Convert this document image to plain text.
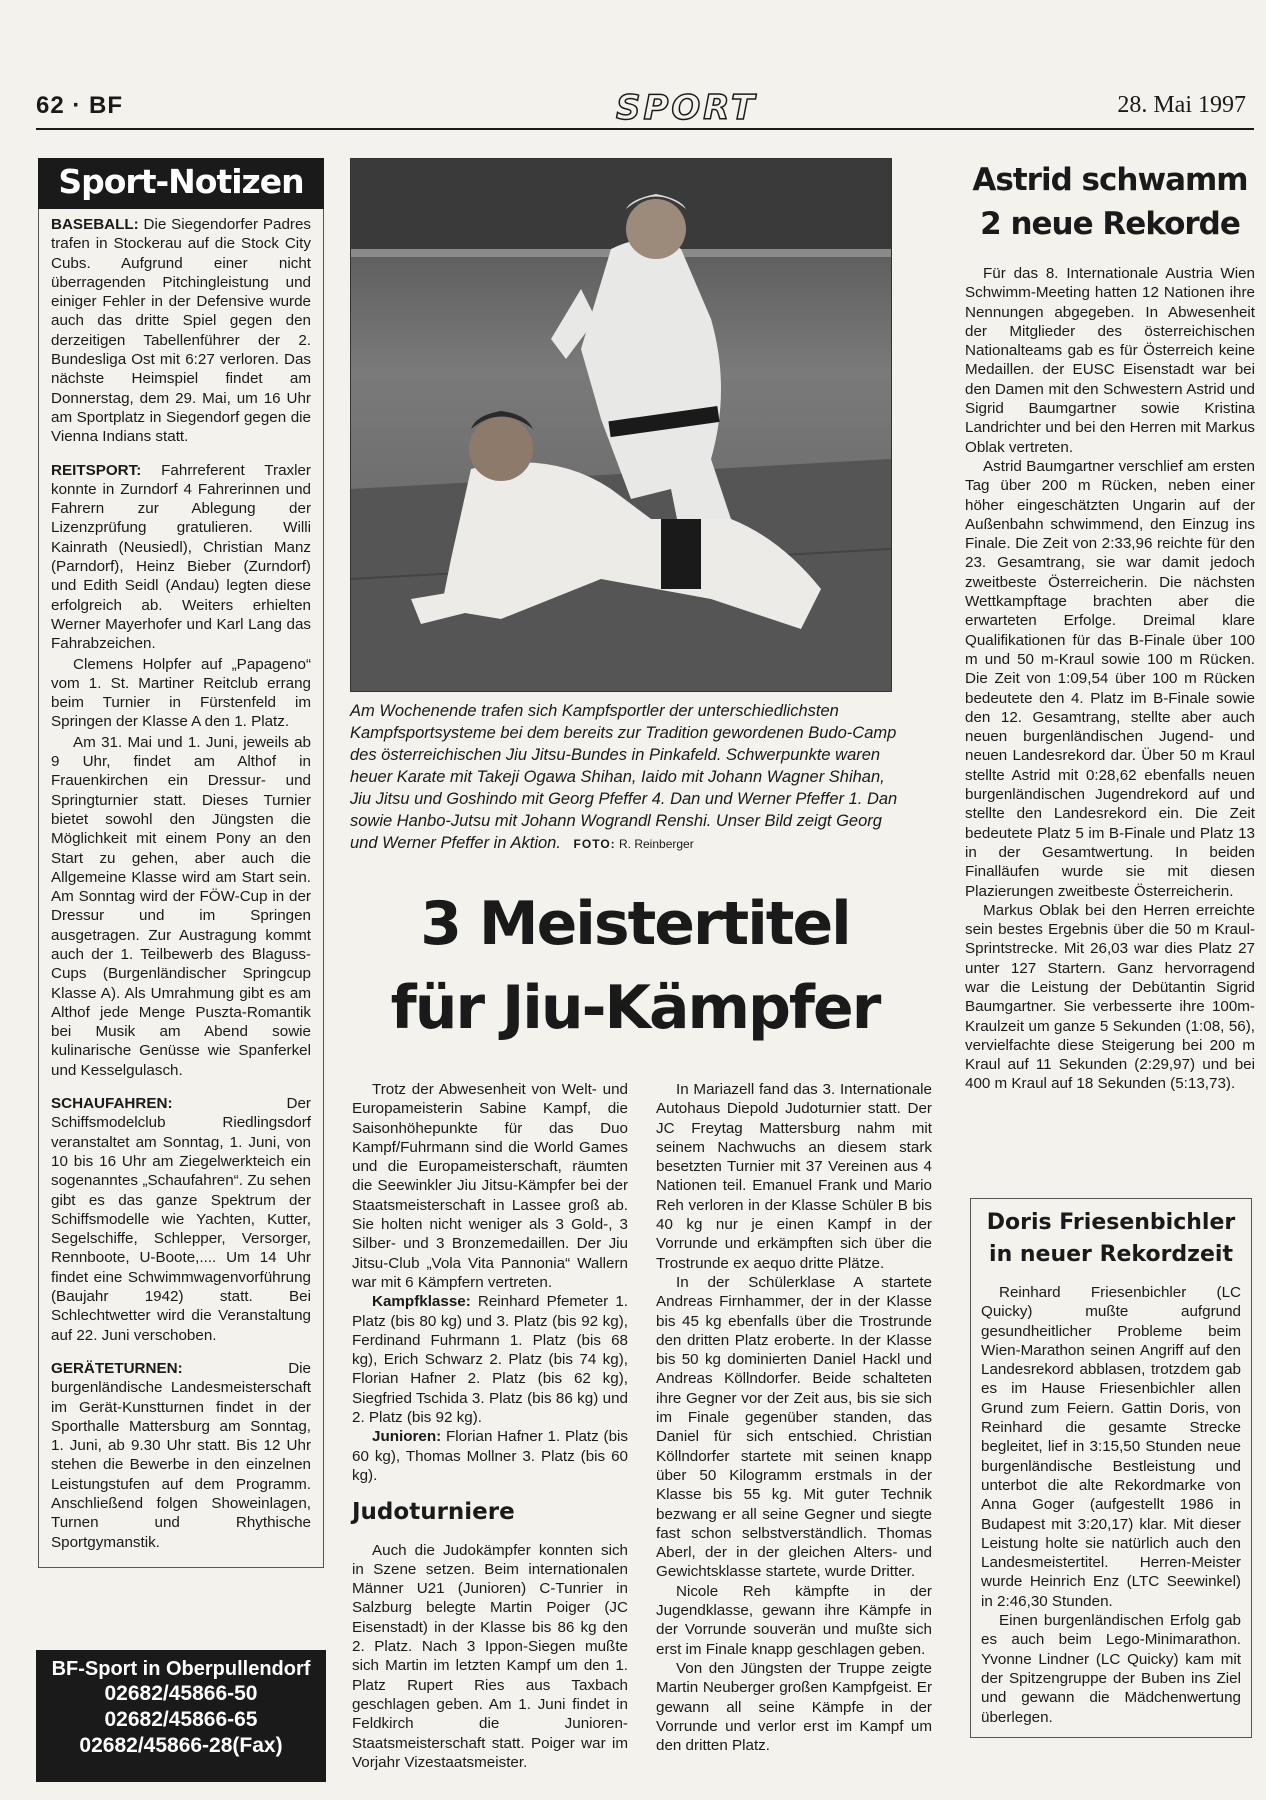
62 · BF	SPORT	28. Mai 1997
Sport-Notizen

BASEBALL: Die Siegendorfer Padres trafen in Stockerau auf die Stock City Cubs. Aufgrund einer nicht überragenden Pitchingleistung und einiger Fehler in der Defensive wurde auch das dritte Spiel gegen den derzeitigen Tabellenführer der 2. Bundesliga Ost mit 6:27 verloren. Das nächste Heimspiel findet am Donnerstag, dem 29. Mai, um 16 Uhr am Sportplatz in Siegendorf gegen die Vienna Indians statt.

REITSPORT: Fahrreferent Traxler konnte in Zurndorf 4 Fahrerinnen und Fahrern zur Ablegung der Lizenzprüfung gratulieren. Willi Kainrath (Neusiedl), Christian Manz (Parndorf), Heinz Bieber (Zurndorf) und Edith Seidl (Andau) legten diese erfolgreich ab. Weiters erhielten Werner Mayerhofer und Karl Lang das Fahrabzeichen.

Clemens Holpfer auf „Papageno“ vom 1. St. Martiner Reitclub errang beim Turnier in Fürstenfeld im Springen der Klasse A den 1. Platz.

Am 31. Mai und 1. Juni, jeweils ab 9 Uhr, findet am Althof in Frauenkirchen ein Dressur- und Springturnier statt. Dieses Turnier bietet sowohl den Jüngsten die Möglichkeit mit einem Pony an den Start zu gehen, aber auch die Allgemeine Klasse wird am Start sein. Am Sonntag wird der FÖW-Cup in der Dressur und im Springen ausgetragen. Zur Austragung kommt auch der 1. Teilbewerb des Blaguss-Cups (Burgenländischer Springcup Klasse A). Als Umrahmung gibt es am Althof jede Menge Puszta-Romantik bei Musik am Abend sowie kulinarische Genüsse wie Spanferkel und Kesselgulasch.

SCHAUFAHREN: Der Schiffsmodelclub Riedlingsdorf veranstaltet am Sonntag, 1. Juni, von 10 bis 16 Uhr am Ziegelwerkteich ein sogenanntes „Schaufahren“. Zu sehen gibt es das ganze Spektrum der Schiffsmodelle wie Yachten, Kutter, Segelschiffe, Schlepper, Versorger, Rennboote, U-Boote,.... Um 14 Uhr findet eine Schwimmwagenvorführung (Baujahr 1942) statt. Bei Schlechtwetter wird die Veranstaltung auf 22. Juni verschoben.

GERÄTETURNEN: Die burgenländische Landesmeisterschaft im Gerät-Kunstturnen findet in der Sporthalle Mattersburg am Sonntag, 1. Juni, ab 9.30 Uhr statt. Bis 12 Uhr stehen die Bewerbe in den einzelnen Leistungstufen auf dem Programm. Anschließend folgen Showeinlagen, Turnen und Rhythische Sportgymanstik.

BF-Sport in Oberpullendorf
02682/45866-50
02682/45866-65
02682/45866-28(Fax)
Am Wochenende trafen sich Kampfsportler der unterschiedlichsten Kampfsportsysteme bei dem bereits zur Tradition gewordenen Budo-Camp des österreichischen Jiu Jitsu-Bundes in Pinkafeld. Schwerpunkte waren heuer Karate mit Takeji Ogawa Shihan, Iaido mit Johann Wagner Shihan, Jiu Jitsu und Goshindo mit Georg Pfeffer 4. Dan und Werner Pfeffer 1. Dan sowie Hanbo-Jutsu mit Johann Wograndl Renshi. Unser Bild zeigt Georg und Werner Pfeffer in Aktion. FOTO: R. Reinberger
3 Meistertitel
für Jiu-Kämpfer

Trotz der Abwesenheit von Welt- und Europameisterin Sabine Kampf, die Saisonhöhepunkte für das Duo Kampf/Fuhrmann sind die World Games und die Europameisterschaft, räumten die Seewinkler Jiu Jitsu-Kämpfer bei der Staatsmeisterschaft in Lassee groß ab. Sie holten nicht weniger als 3 Gold-, 3 Silber- und 3 Bronzemedaillen. Der Jiu Jitsu-Club „Vola Vita Pannonia“ Wallern war mit 6 Kämpfern vertreten.

Kampfklasse: Reinhard Pfemeter 1. Platz (bis 80 kg) und 3. Platz (bis 92 kg), Ferdinand Fuhrmann 1. Platz (bis 68 kg), Erich Schwarz 2. Platz (bis 74 kg), Florian Hafner 2. Platz (bis 62 kg), Siegfried Tschida 3. Platz (bis 86 kg) und 2. Platz (bis 92 kg).

Junioren: Florian Hafner 1. Platz (bis 60 kg), Thomas Mollner 3. Platz (bis 60 kg).

Judoturniere

Auch die Judokämpfer konnten sich in Szene setzen. Beim internationalen Männer U21 (Junioren) C-Tunrier in Salzburg belegte Martin Poiger (JC Eisenstadt) in der Klasse bis 86 kg den 2. Platz. Nach 3 Ippon-Siegen mußte sich Martin im letzten Kampf um den 1. Platz Rupert Ries aus Taxbach geschlagen geben. Am 1. Juni findet in Feldkirch die Junioren-Staatsmeisterschaft statt. Poiger war im Vorjahr Vizestaatsmeister.

In Mariazell fand das 3. Internationale Autohaus Diepold Judoturnier statt. Der JC Freytag Mattersburg nahm mit seinem Nachwuchs an diesem stark besetzten Turnier mit 37 Vereinen aus 4 Nationen teil. Emanuel Frank und Mario Reh verloren in der Klasse Schüler B bis 40 kg nur je einen Kampf in der Vorrunde und erkämpften sich über die Trostrunde ex aequo dritte Plätze.

In der Schülerklase A startete Andreas Firnhammer, der in der Klasse bis 45 kg ebenfalls über die Trostrunde den dritten Platz eroberte. In der Klasse bis 50 kg dominierten Daniel Hackl und Andreas Köllndorfer. Beide schalteten ihre Gegner vor der Zeit aus, bis sie sich im Finale gegenüber standen, das Daniel für sich entschied. Christian Köllndorfer startete mit seinen knapp über 50 Kilogramm erstmals in der Klasse bis 55 kg. Mit guter Technik bezwang er all seine Gegner und siegte fast schon selbstverständlich. Thomas Aberl, der in der gleichen Alters- und Gewichtsklasse startete, wurde Dritter.

Nicole Reh kämpfte in der Jugendklasse, gewann ihre Kämpfe in der Vorrunde souverän und mußte sich erst im Finale knapp geschlagen geben.

Von den Jüngsten der Truppe zeigte Martin Neuberger großen Kampfgeist. Er gewann all seine Kämpfe in der Vorrunde und verlor erst im Kampf um den dritten Platz.

Astrid schwamm
2 neue Rekorde

Für das 8. Internationale Austria Wien Schwimm-Meeting hatten 12 Nationen ihre Nennungen abgegeben. In Abwesenheit der Mitglieder des österreichischen Nationalteams gab es für Österreich keine Medaillen. der EUSC Eisenstadt war bei den Damen mit den Schwestern Astrid und Sigrid Baumgartner sowie Kristina Landrichter und bei den Herren mit Markus Oblak vertreten.

Astrid Baumgartner verschlief am ersten Tag über 200 m Rücken, neben einer höher eingeschätzten Ungarin auf der Außenbahn schwimmend, den Einzug ins Finale. Die Zeit von 2:33,96 reichte für den 23. Gesamtrang, sie war damit jedoch zweitbeste Österreicherin. Die nächsten Wettkampftage brachten aber die erwarteten Erfolge. Dreimal klare Qualifikationen für das B-Finale über 100 m und 50 m-Kraul sowie 100 m Rücken. Die Zeit von 1:09,54 über 100 m Rücken bedeutete den 4. Platz im B-Finale sowie den 12. Gesamtrang, stellte aber auch neuen burgenländischen Jugend- und neuen Landesrekord dar. Über 50 m Kraul stellte Astrid mit 0:28,62 ebenfalls neuen burgenländischen Jugendrekord auf und stellte den Landesrekord ein. Die Zeit bedeutete Platz 5 im B-Finale und Platz 13 in der Gesamtwertung. In beiden Finalläufen wurde sie mit diesen Plazierungen zweitbeste Österreicherin.

Markus Oblak bei den Herren erreichte sein bestes Ergebnis über die 50 m Kraul-Sprintstrecke. Mit 26,03 war dies Platz 27 unter 127 Startern. Ganz hervorragend war die Leistung der Debütantin Sigrid Baumgartner. Sie verbesserte ihre 100m-Kraulzeit um ganze 5 Sekunden (1:08, 56), vervielfachte diese Steigerung bei 200 m Kraul auf 11 Sekunden (2:29,97) und bei 400 m Kraul auf 18 Sekunden (5:13,73).

Doris Friesenbichler
in neuer Rekordzeit

Reinhard Friesenbichler (LC Quicky) mußte aufgrund gesundheitlicher Probleme beim Wien-Marathon seinen Angriff auf den Landesrekord abblasen, trotzdem gab es im Hause Friesenbichler allen Grund zum Feiern. Gattin Doris, von Reinhard die gesamte Strecke begleitet, lief in 3:15,50 Stunden neue burgenländische Bestleistung und unterbot die alte Rekordmarke von Anna Goger (aufgestellt 1986 in Budapest mit 3:20,17) klar. Mit dieser Leistung holte sie natürlich auch den Landesmeistertitel. Herren-Meister wurde Heinrich Enz (LTC Seewinkel) in 2:46,30 Stunden.

Einen burgenländischen Erfolg gab es auch beim Lego-Minimarathon. Yvonne Lindner (LC Quicky) kam mit der Spitzengruppe der Buben ins Ziel und gewann die Mädchenwertung überlegen.
